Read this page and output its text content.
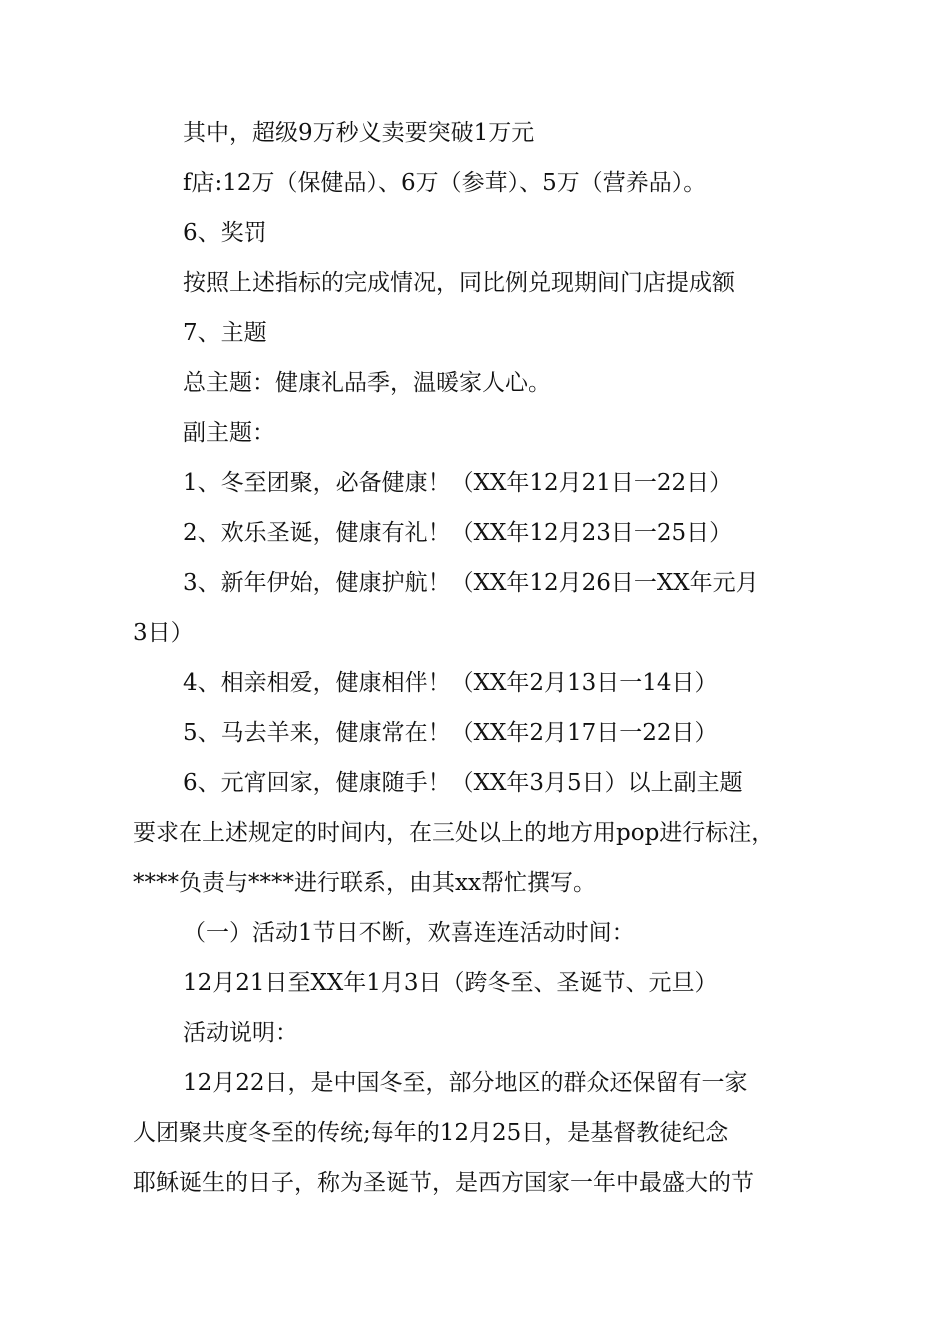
其中，超级9万秒义卖要突破1万元
f店:12万（保健品）、6万（参茸）、5万（营养品）。
6、奖罚
按照上述指标的完成情况，同比例兑现期间门店提成额
7、主题
总主题：健康礼品季，温暖家人心。
副主题：
1、冬至团聚，必备健康！（XX年12月21日一22日）
2、欢乐圣诞，健康有礼！（XX年12月23日一25日）
3、新年伊始，健康护航！（XX年12月26日一XX年元月
3日）
4、相亲相爱，健康相伴！（XX年2月13日一14日）
5、马去羊来，健康常在！（XX年2月17日一22日）
6、元宵回家，健康随手！（XX年3月5日）以上副主题
要求在上述规定的时间内，在三处以上的地方用pop进行标注，
****负责与****进行联系，由其xx帮忙撰写。
（一）活动1节日不断，欢喜连连活动时间：
12月21日至XX年1月3日（跨冬至、圣诞节、元旦）
活动说明：
12月22日，是中国冬至，部分地区的群众还保留有一家
人团聚共度冬至的传统;每年的12月25日，是基督教徒纪念
耶稣诞生的日子，称为圣诞节，是西方国家一年中最盛大的节
